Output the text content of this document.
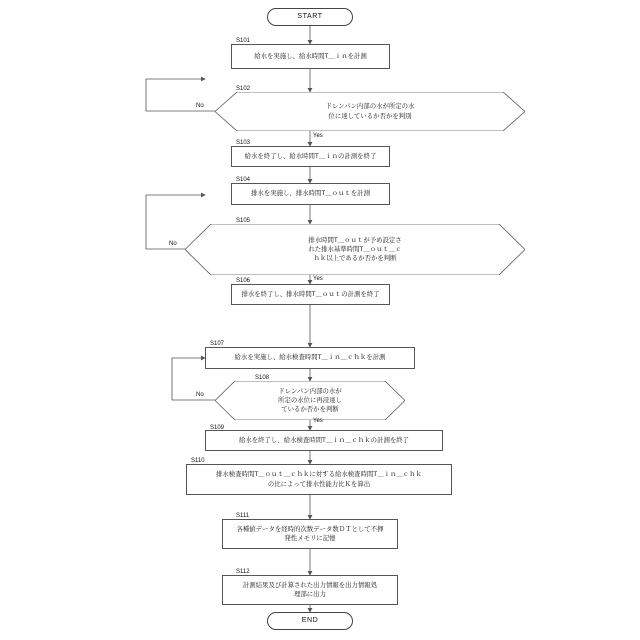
START
S101
給水を実施し、給水時間T＿ｉｎを計測
S102
ドレンパン内部の水が所定の水
位に達しているか否かを判別
No
Yes
S103
給水を終了し、給水時間T＿ｉｎの計測を終了
S104
排水を実施し、排水時間T＿ｏｕｔを計測
S105
排水時間T＿ｏｕｔが予め設定さ
れた排水基準時間T＿ｏｕｔ＿ｃ
ｈｋ以上であるか否かを判断
No
Yes
S106
排水を終了し、排水時間T＿ｏｕｔの計測を終了
S107
給水を実施し、給水検査時間T＿ｉｎ＿ｃｈｋを計測
S108
ドレンパン内部の水が
所定の水位に再浸達し
ているか否かを判断
No
Yes
S109
給水を終了し、給水検査時間T＿ｉｎ＿ｃｈｋの計測を終了
S110
排水検査時間T＿ｏｕｔ＿ｃｈｋに対する給水検査時間T＿ｉｎ＿ｃｈｋ
の比によって排水性能力比Ｋを算出
S111
各種値データを経時的次数データ数ＤＴとして不揮
発性メモリに記憶
S112
計測結果及び計算された出力情報を出力情報処
理部に出力
END
